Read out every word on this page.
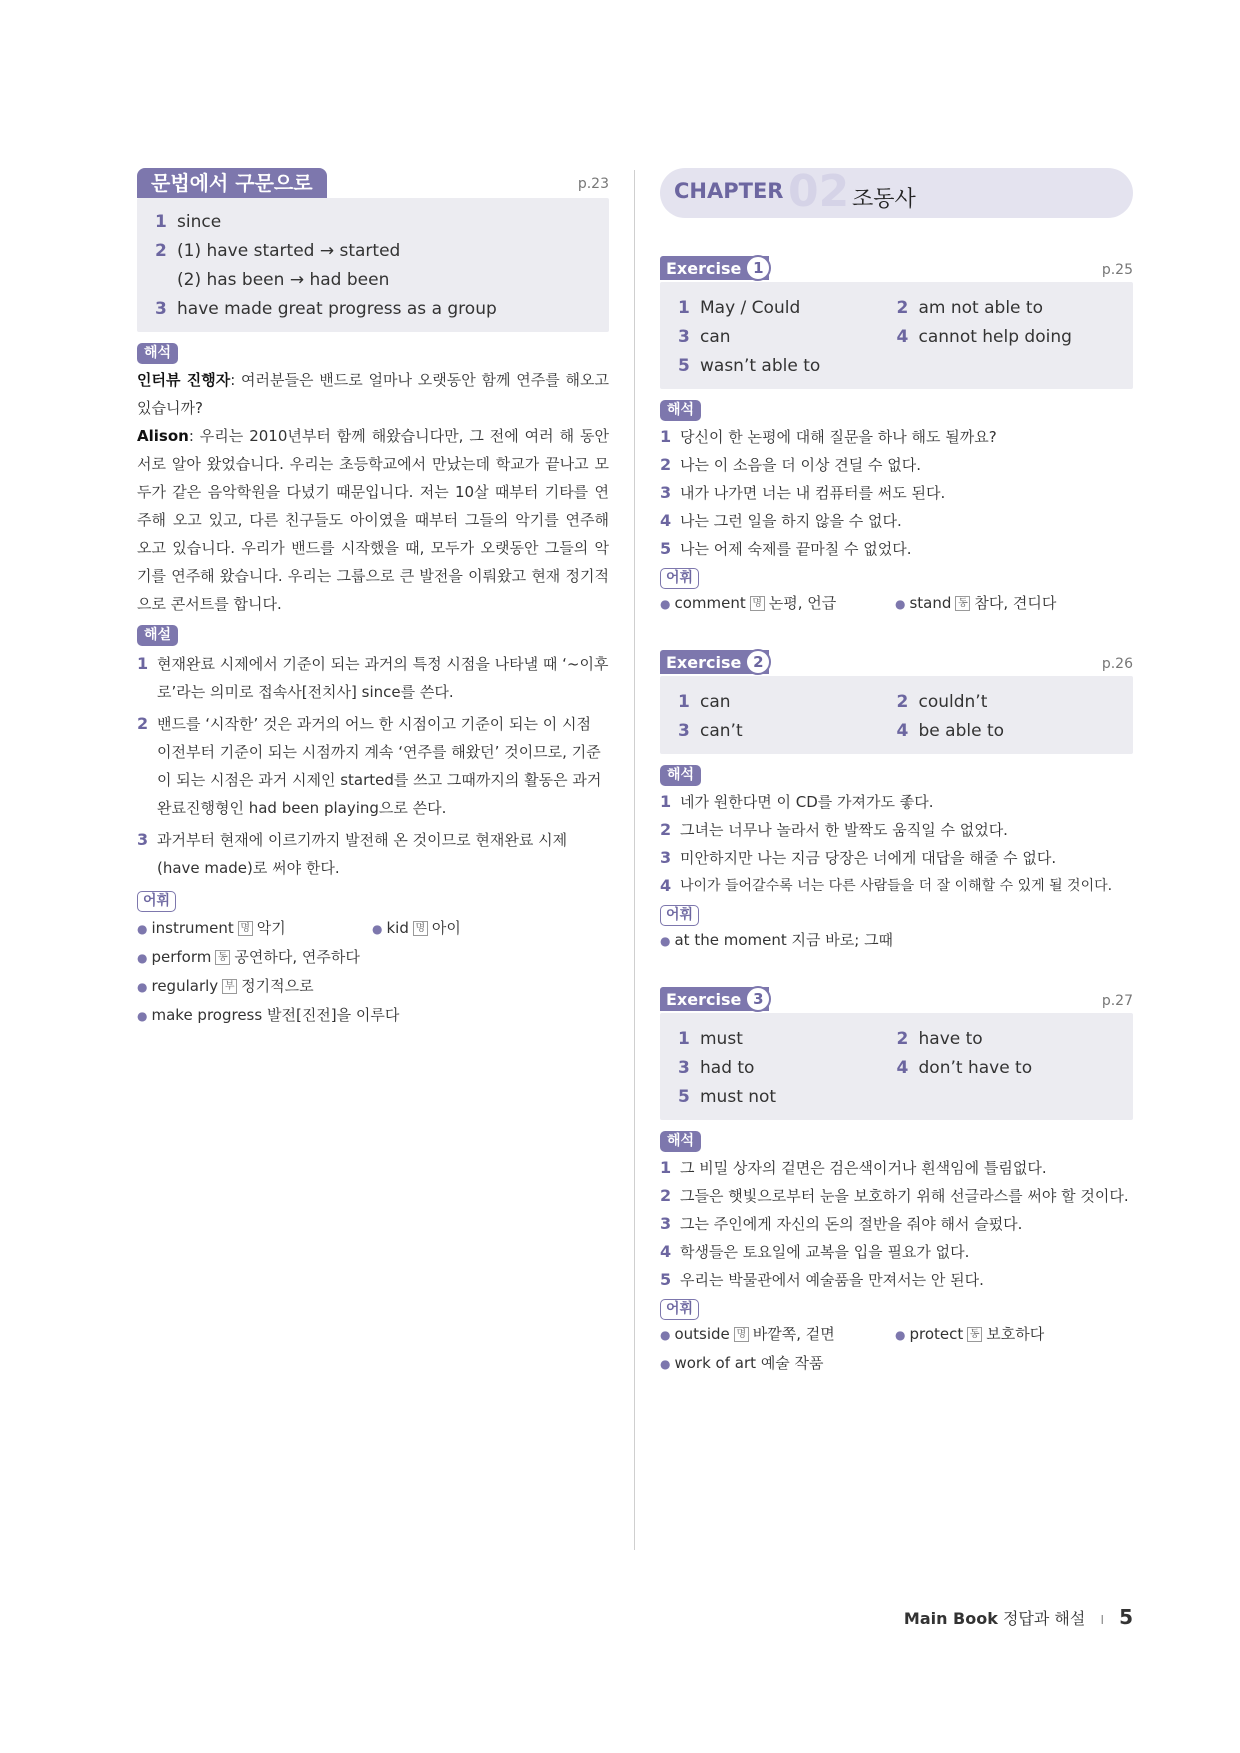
문법에서 구문으로	p.23
1 since
2 (1) have started → started
(2) has been → had been
3 have made great progress as a group
해석
인터뷰 진행자: 여러분들은 밴드로 얼마나 오랫동안 함께 연주를 해오고 있습니까?
Alison: 우리는 2010년부터 함께 해왔습니다만, 그 전에 여러 해 동안 서로 알아 왔었습니다. 우리는 초등학교에서 만났는데 학교가 끝나고 모두가 같은 음악학원을 다녔기 때문입니다. 저는 10살 때부터 기타를 연주해 오고 있고, 다른 친구들도 아이였을 때부터 그들의 악기를 연주해 오고 있습니다. 우리가 밴드를 시작했을 때, 모두가 오랫동안 그들의 악기를 연주해 왔습니다. 우리는 그룹으로 큰 발전을 이뤄왔고 현재 정기적으로 콘서트를 합니다.
해설
1 현재완료 시제에서 기준이 되는 과거의 특정 시점을 나타낼 때 ‘~이후로’라는 의미로 접속사[전치사] since를 쓴다.
2 밴드를 ‘시작한’ 것은 과거의 어느 한 시점이고 기준이 되는 이 시점 이전부터 기준이 되는 시점까지 계속 ‘연주를 해왔던’ 것이므로, 기준이 되는 시점은 과거 시제인 started를 쓰고 그때까지의 활동은 과거완료진행형인 had been playing으로 쓴다.
3 과거부터 현재에 이르기까지 발전해 온 것이므로 현재완료 시제(have made)로 써야 한다.
어휘
● instrument 명 악기	● kid 명 아이
● perform 동 공연하다, 연주하다
● regularly 부 정기적으로
● make progress 발전[진전]을 이루다
CHAPTER 02 조동사
Exercise 1	p.25
1 May / Could	2 am not able to
3 can	4 cannot help doing
5 wasn’t able to
해석
1 당신이 한 논평에 대해 질문을 하나 해도 될까요?
2 나는 이 소음을 더 이상 견딜 수 없다.
3 내가 나가면 너는 내 컴퓨터를 써도 된다.
4 나는 그런 일을 하지 않을 수 없다.
5 나는 어제 숙제를 끝마칠 수 없었다.
어휘
● comment 명 논평, 언급	● stand 동 참다, 견디다
Exercise 2	p.26
1 can	2 couldn’t
3 can’t	4 be able to
해석
1 네가 원한다면 이 CD를 가져가도 좋다.
2 그녀는 너무나 놀라서 한 발짝도 움직일 수 없었다.
3 미안하지만 나는 지금 당장은 너에게 대답을 해줄 수 없다.
4 나이가 들어갈수록 너는 다른 사람들을 더 잘 이해할 수 있게 될 것이다.
어휘
● at the moment 지금 바로; 그때
Exercise 3	p.27
1 must	2 have to
3 had to	4 don’t have to
5 must not
해석
1 그 비밀 상자의 겉면은 검은색이거나 흰색임에 틀림없다.
2 그들은 햇빛으로부터 눈을 보호하기 위해 선글라스를 써야 할 것이다.
3 그는 주인에게 자신의 돈의 절반을 줘야 해서 슬펐다.
4 학생들은 토요일에 교복을 입을 필요가 없다.
5 우리는 박물관에서 예술품을 만져서는 안 된다.
어휘
● outside 명 바깥쪽, 겉면	● protect 동 보호하다
● work of art 예술 작품
Main Book 정답과 해설 I 5
